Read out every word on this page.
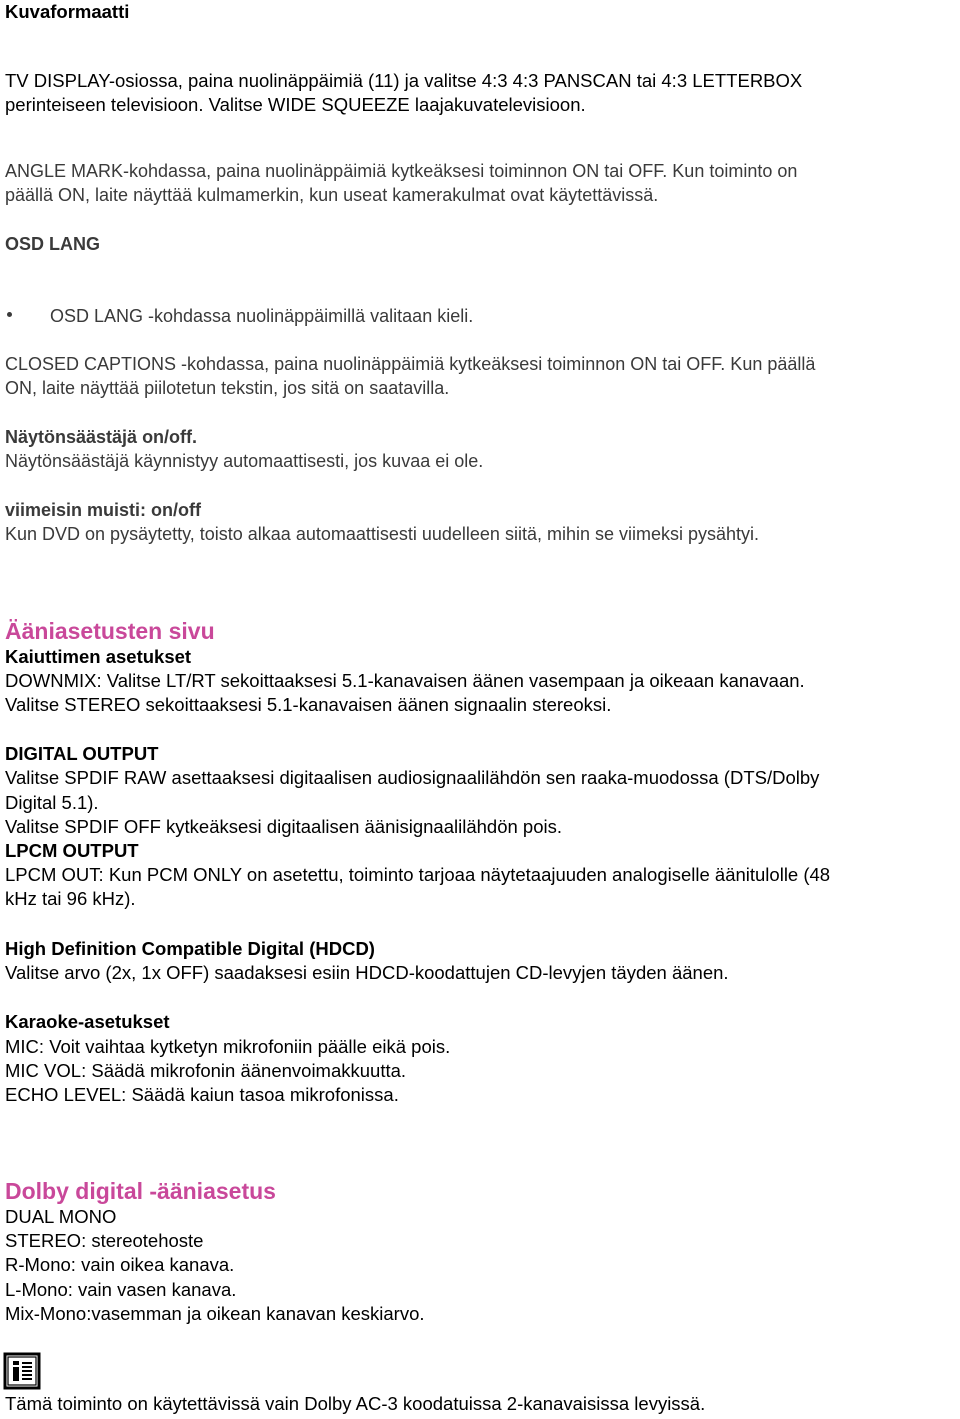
Kuvaformaatti
TV DISPLAY-osiossa, paina nuolinäppäimiä (11) ja valitse 4:3 4:3 PANSCAN tai 4:3 LETTERBOX
perinteiseen televisioon. Valitse WIDE SQUEEZE laajakuvatelevisioon.
ANGLE MARK-kohdassa, paina nuolinäppäimiä kytkeäksesi toiminnon ON tai OFF. Kun toiminto on
päällä ON, laite näyttää kulmamerkin, kun useat kamerakulmat ovat käytettävissä.
OSD LANG
OSD LANG -kohdassa nuolinäppäimillä valitaan kieli.
CLOSED CAPTIONS -kohdassa, paina nuolinäppäimiä kytkeäksesi toiminnon ON tai OFF. Kun päällä
ON, laite näyttää piilotetun tekstin, jos sitä on saatavilla.
Näytönsäästäjä on/off.
Näytönsäästäjä käynnistyy automaattisesti, jos kuvaa ei ole.
viimeisin muisti: on/off
Kun DVD on pysäytetty, toisto alkaa automaattisesti uudelleen siitä, mihin se viimeksi pysähtyi.
Ääniasetusten sivu
Kaiuttimen asetukset
DOWNMIX: Valitse LT/RT sekoittaaksesi 5.1-kanavaisen äänen vasempaan ja oikeaan kanavaan.
Valitse STEREO sekoittaaksesi 5.1-kanavaisen äänen signaalin stereoksi.
DIGITAL OUTPUT
Valitse SPDIF RAW asettaaksesi digitaalisen audiosignaalilähdön sen raaka-muodossa (DTS/Dolby
Digital 5.1).
Valitse SPDIF OFF kytkeäksesi digitaalisen äänisignaalilähdön pois.
LPCM OUTPUT
LPCM OUT: Kun PCM ONLY on asetettu, toiminto tarjoaa näytetaajuuden analogiselle äänitulolle (48
kHz tai 96 kHz).
High Definition Compatible Digital (HDCD)
Valitse arvo (2x, 1x OFF) saadaksesi esiin HDCD-koodattujen CD-levyjen täyden äänen.
Karaoke-asetukset
MIC: Voit vaihtaa kytketyn mikrofoniin päälle eikä pois.
MIC VOL: Säädä mikrofonin äänenvoimakkuutta.
ECHO LEVEL: Säädä kaiun tasoa mikrofonissa.
Dolby digital -ääniasetus
DUAL MONO
STEREO: stereotehoste
R-Mono: vain oikea kanava.
L-Mono: vain vasen kanava.
Mix-Mono:vasemman ja oikean kanavan keskiarvo.
Tämä toiminto on käytettävissä vain Dolby AC-3 koodatuissa 2-kanavaisissa levyissä.
